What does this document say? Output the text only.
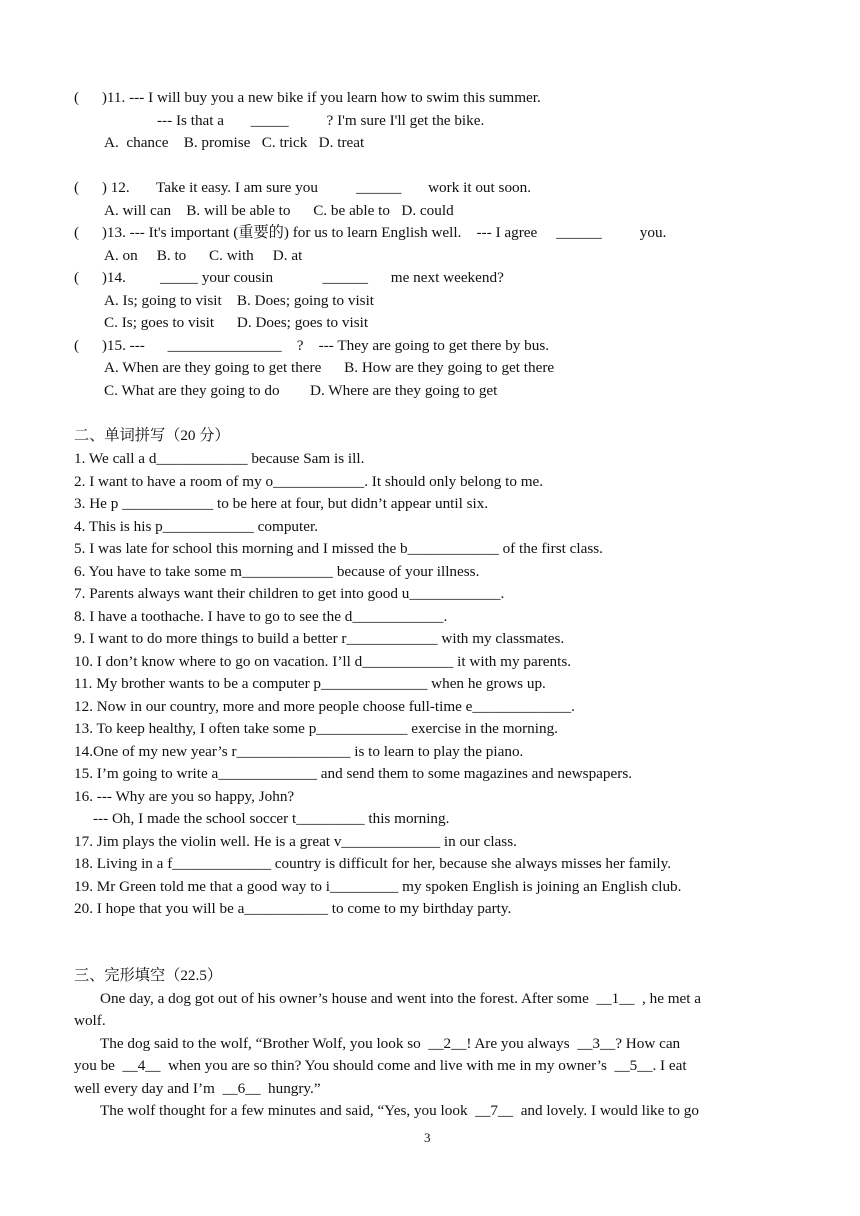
(      )11. --- I will buy you a new bike if you learn how to swim this summer.
--- Is that a       _____          ? I'm sure I'll get the bike.
A.  chance    B. promise   C. trick   D. treat
(      ) 12.       Take it easy. I am sure you          ______       work it out soon.
A. will can    B. will be able to      C. be able to   D. could
(      )13. --- It's important (重要的) for us to learn English well.    --- I agree     ______          you.
A. on     B. to      C. with     D. at
(      )14.         _____ your cousin             ______      me next weekend?
A. Is; going to visit    B. Does; going to visit
C. Is; goes to visit      D. Does; goes to visit
(      )15. ---      _______________    ?    --- They are going to get there by bus.
A. When are they going to get there      B. How are they going to get there
C. What are they going to do        D. Where are they going to get
二、单词拼写（20 分）
1. We call a d____________ because Sam is ill.
2. I want to have a room of my o____________. It should only belong to me.
3. He p ____________ to be here at four, but didn’t appear until six.
4. This is his p____________ computer.
5. I was late for school this morning and I missed the b____________ of the first class.
6. You have to take some m____________ because of your illness.
7. Parents always want their children to get into good u____________.
8. I have a toothache. I have to go to see the d____________.
9. I want to do more things to build a better r____________ with my classmates.
10. I don’t know where to go on vacation. I’ll d____________ it with my parents.
11. My brother wants to be a computer p______________ when he grows up.
12. Now in our country, more and more people choose full-time e_____________.
13. To keep healthy, I often take some p____________ exercise in the morning.
14.One of my new year’s r_______________ is to learn to play the piano.
15. I’m going to write a_____________ and send them to some magazines and newspapers.
16. --- Why are you so happy, John?
--- Oh, I made the school soccer t_________ this morning.
17. Jim plays the violin well. He is a great v_____________ in our class.
18. Living in a f_____________ country is difficult for her, because she always misses her family.
19. Mr Green told me that a good way to i_________ my spoken English is joining an English club.
20. I hope that you will be a___________ to come to my birthday party.
三、完形填空（22.5）
One day, a dog got out of his owner’s house and went into the forest. After some  __1__  , he met a
wolf.
The dog said to the wolf, “Brother Wolf, you look so  __2__! Are you always  __3__? How can
you be  __4__  when you are so thin? You should come and live with me in my owner’s  __5__. I eat
well every day and I’m  __6__  hungry.”
The wolf thought for a few minutes and said, “Yes, you look  __7__  and lovely. I would like to go
3
